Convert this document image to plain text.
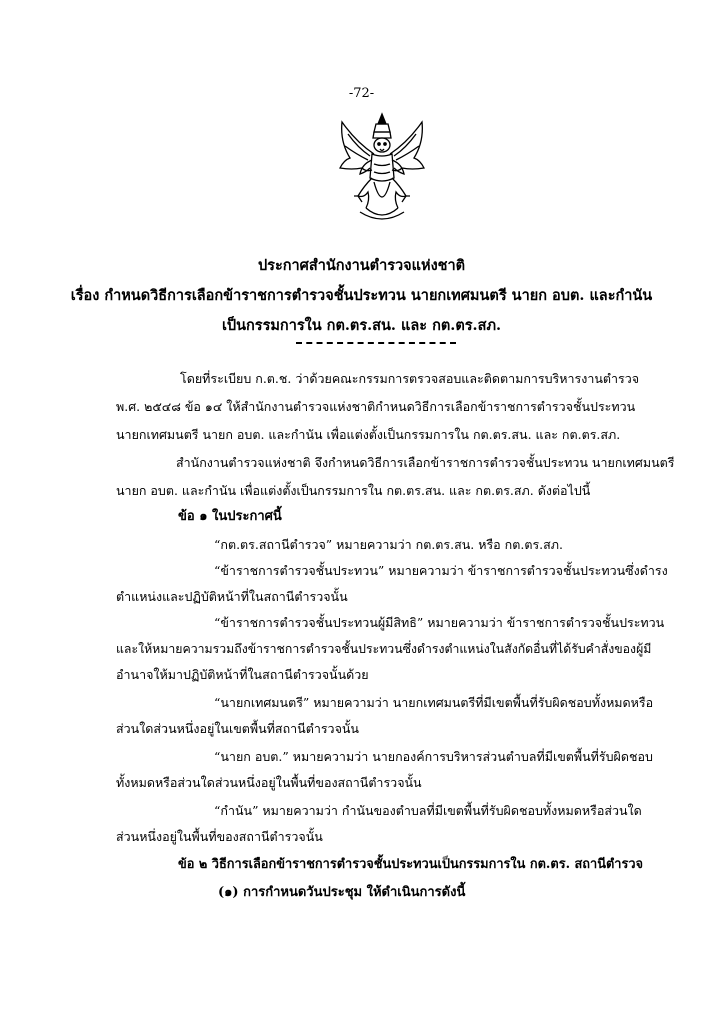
-72-
ประกาศสำนักงานตำรวจแห่งชาติ
เรื่อง กำหนดวิธีการเลือกข้าราชการตำรวจชั้นประทวน นายกเทศมนตรี นายก อบต. และกำนัน
เป็นกรรมการใน กต.ตร.สน. และ กต.ตร.สภ.
โดยที่ระเบียบ ก.ต.ช. ว่าด้วยคณะกรรมการตรวจสอบและติดตามการบริหารงานตำรวจ
พ.ศ. ๒๕๔๘ ข้อ ๑๔ ให้สำนักงานตำรวจแห่งชาติกำหนดวิธีการเลือกข้าราชการตำรวจชั้นประทวน
นายกเทศมนตรี นายก อบต. และกำนัน เพื่อแต่งตั้งเป็นกรรมการใน กต.ตร.สน. และ กต.ตร.สภ.
สำนักงานตำรวจแห่งชาติ จึงกำหนดวิธีการเลือกข้าราชการตำรวจชั้นประทวน นายกเทศมนตรี
นายก อบต. และกำนัน เพื่อแต่งตั้งเป็นกรรมการใน กต.ตร.สน. และ กต.ตร.สภ. ดังต่อไปนี้
ข้อ ๑ ในประกาศนี้
“กต.ตร.สถานีตำรวจ” หมายความว่า กต.ตร.สน. หรือ กต.ตร.สภ.
“ข้าราชการตำรวจชั้นประทวน” หมายความว่า ข้าราชการตำรวจชั้นประทวนซึ่งดำรง
ตำแหน่งและปฏิบัติหน้าที่ในสถานีตำรวจนั้น
“ข้าราชการตำรวจชั้นประทวนผู้มีสิทธิ” หมายความว่า ข้าราชการตำรวจชั้นประทวน
และให้หมายความรวมถึงข้าราชการตำรวจชั้นประทวนซึ่งดำรงตำแหน่งในสังกัดอื่นที่ได้รับคำสั่งของผู้มี
อำนาจให้มาปฏิบัติหน้าที่ในสถานีตำรวจนั้นด้วย
“นายกเทศมนตรี” หมายความว่า นายกเทศมนตรีที่มีเขตพื้นที่รับผิดชอบทั้งหมดหรือ
ส่วนใดส่วนหนึ่งอยู่ในเขตพื้นที่สถานีตำรวจนั้น
“นายก อบต.” หมายความว่า นายกองค์การบริหารส่วนตำบลที่มีเขตพื้นที่รับผิดชอบ
ทั้งหมดหรือส่วนใดส่วนหนึ่งอยู่ในพื้นที่ของสถานีตำรวจนั้น
“กำนัน” หมายความว่า กำนันของตำบลที่มีเขตพื้นที่รับผิดชอบทั้งหมดหรือส่วนใด
ส่วนหนึ่งอยู่ในพื้นที่ของสถานีตำรวจนั้น
ข้อ ๒ วิธีการเลือกข้าราชการตำรวจชั้นประทวนเป็นกรรมการใน กต.ตร. สถานีตำรวจ
(๑) การกำหนดวันประชุม ให้ดำเนินการดังนี้
